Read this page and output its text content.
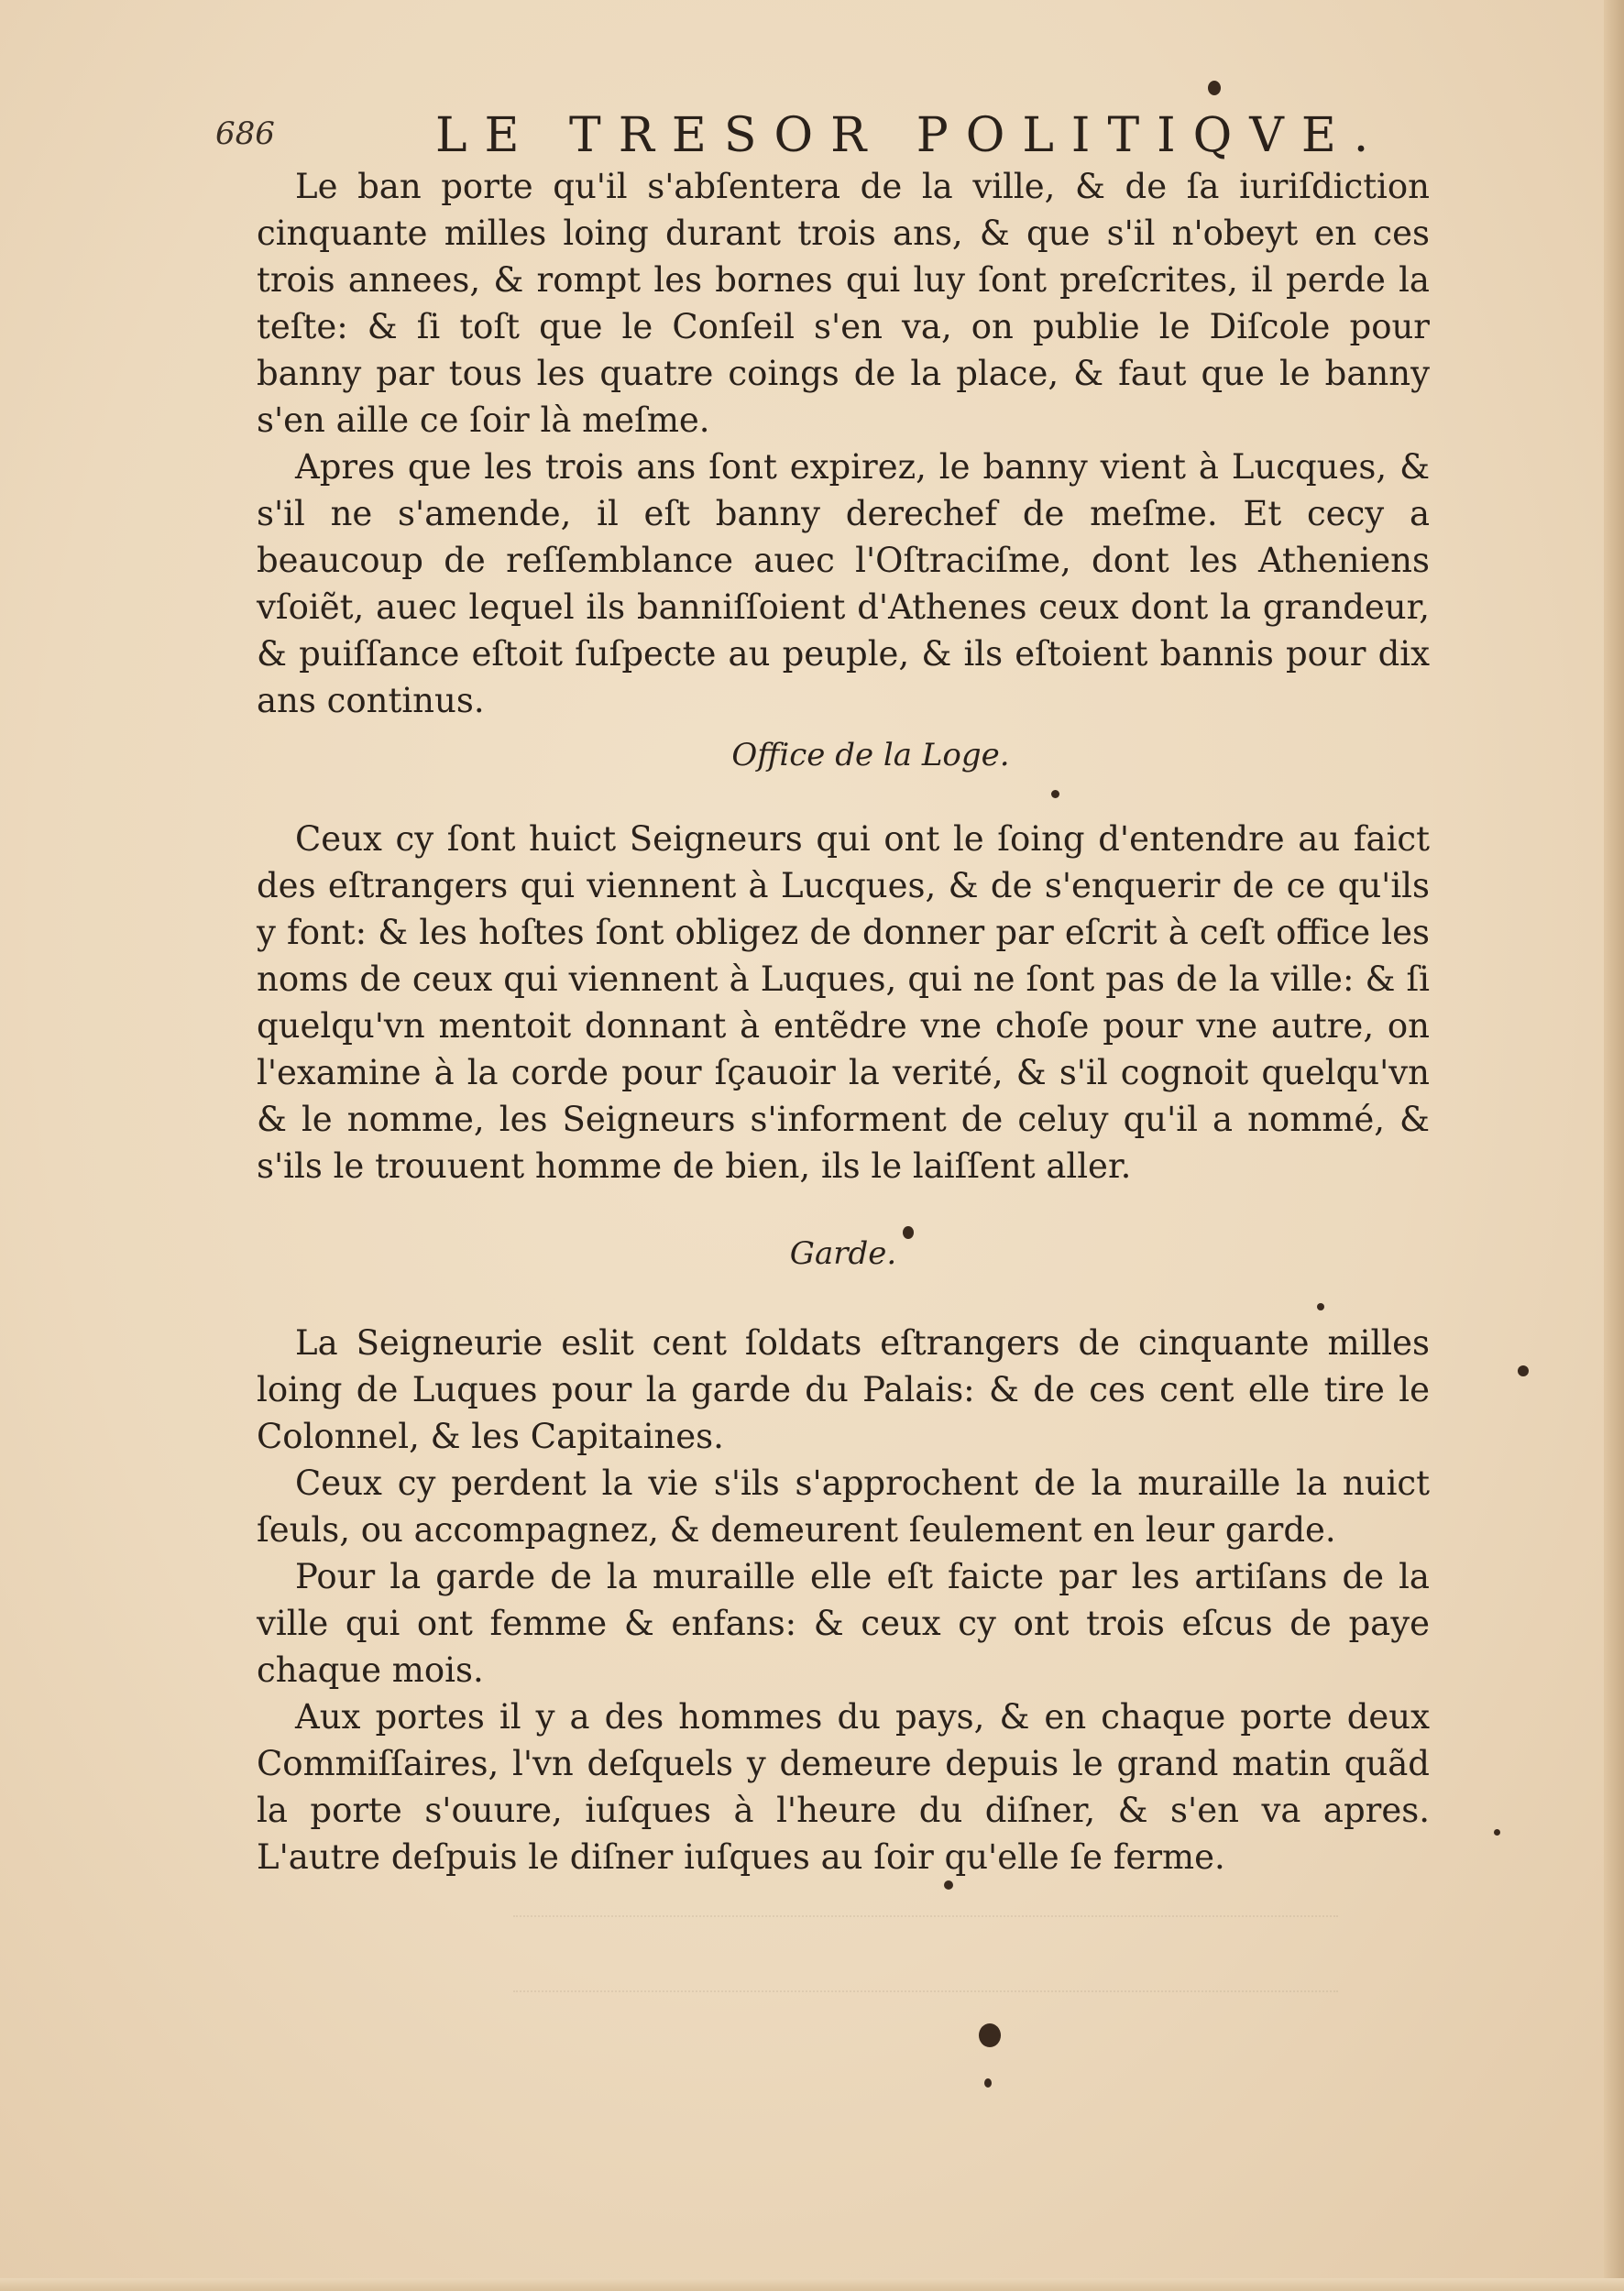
686	LE TRESOR POLITIQVE.

Le ban porte qu'il s'abſentera de la ville, & de ſa iuriſdiction cinquante milles loing durant trois ans, & que s'il n'obeyt en ces trois annees, & rompt les bornes qui luy ſont preſcrites, il perde la teſte: & ſi toſt que le Conſeil s'en va, on publie le Diſcole pour banny par tous les quatre coings de la place, & faut que le banny s'en aille ce ſoir là meſme.

Apres que les trois ans ſont expirez, le banny vient à Lucques, & s'il ne s'amende, il eſt banny derechef de meſme. Et cecy a beaucoup de reſſemblance auec l'Oſtraciſme, dont les Atheniens vſoiẽt, auec lequel ils banniſſoient d'Athenes ceux dont la grandeur, & puiſſance eſtoit ſuſpecte au peuple, & ils eſtoient bannis pour dix ans continus.

Office de la Loge.

Ceux cy ſont huict Seigneurs qui ont le ſoing d'entendre au faict des eſtrangers qui viennent à Lucques, & de s'enquerir de ce qu'ils y font: & les hoſtes ſont obligez de donner par eſcrit à ceſt office les noms de ceux qui viennent à Luques, qui ne ſont pas de la ville: & ſi quelqu'vn mentoit donnant à entẽdre vne choſe pour vne autre, on l'examine à la corde pour ſçauoir la verité, & s'il cognoit quelqu'vn & le nomme, les Seigneurs s'informent de celuy qu'il a nommé, & s'ils le trouuent homme de bien, ils le laiſſent aller.

Garde.

La Seigneurie eslit cent ſoldats eſtrangers de cinquante milles loing de Luques pour la garde du Palais: & de ces cent elle tire le Colonnel, & les Capitaines.

Ceux cy perdent la vie s'ils s'approchent de la muraille la nuict ſeuls, ou accompagnez, & demeurent ſeulement en leur garde.

Pour la garde de la muraille elle eſt faicte par les artiſans de la ville qui ont femme & enfans: & ceux cy ont trois eſcus de paye chaque mois.

Aux portes il y a des hommes du pays, & en chaque porte deux Commiſſaires, l'vn deſquels y demeure depuis le grand matin quãd la porte s'ouure, iuſques à l'heure du diſner, & s'en va apres. L'autre deſpuis le diſner iuſques au ſoir qu'elle ſe ferme.
